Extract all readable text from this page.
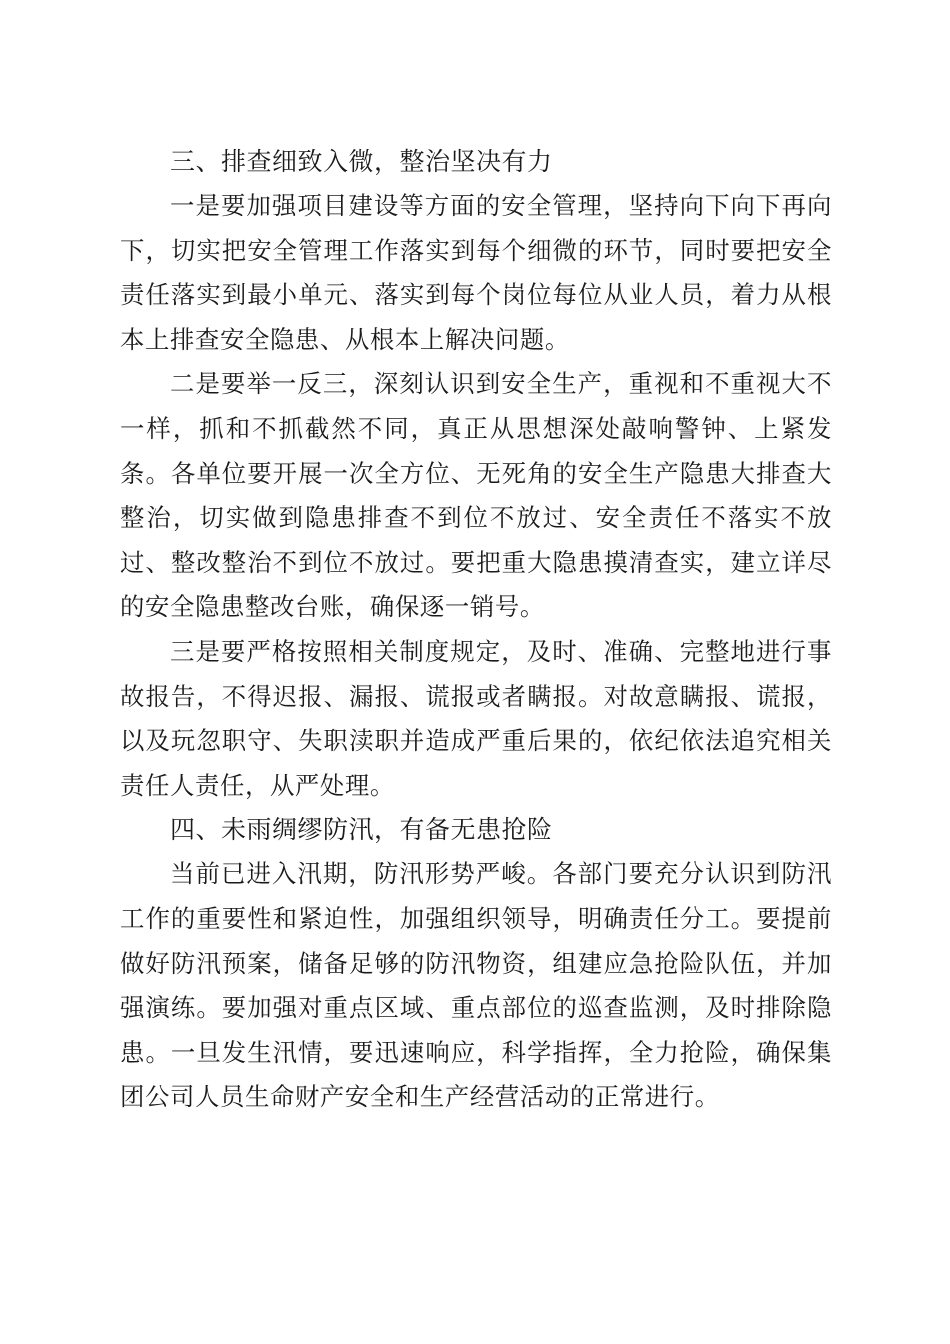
三、排查细致入微，整治坚决有力

一是要加强项目建设等方面的安全管理，坚持向下向下再向下，切实把安全管理工作落实到每个细微的环节，同时要把安全责任落实到最小单元、落实到每个岗位每位从业人员，着力从根本上排查安全隐患、从根本上解决问题。

二是要举一反三，深刻认识到安全生产，重视和不重视大不一样，抓和不抓截然不同，真正从思想深处敲响警钟、上紧发条。各单位要开展一次全方位、无死角的安全生产隐患大排查大整治，切实做到隐患排查不到位不放过、安全责任不落实不放过、整改整治不到位不放过。要把重大隐患摸清查实，建立详尽的安全隐患整改台账，确保逐一销号。

三是要严格按照相关制度规定，及时、准确、完整地进行事故报告，不得迟报、漏报、谎报或者瞒报。对故意瞒报、谎报，以及玩忽职守、失职渎职并造成严重后果的，依纪依法追究相关责任人责任，从严处理。

四、未雨绸缪防汛，有备无患抢险

当前已进入汛期，防汛形势严峻。各部门要充分认识到防汛工作的重要性和紧迫性，加强组织领导，明确责任分工。要提前做好防汛预案，储备足够的防汛物资，组建应急抢险队伍，并加强演练。要加强对重点区域、重点部位的巡查监测，及时排除隐患。一旦发生汛情，要迅速响应，科学指挥，全力抢险，确保集团公司人员生命财产安全和生产经营活动的正常进行。
